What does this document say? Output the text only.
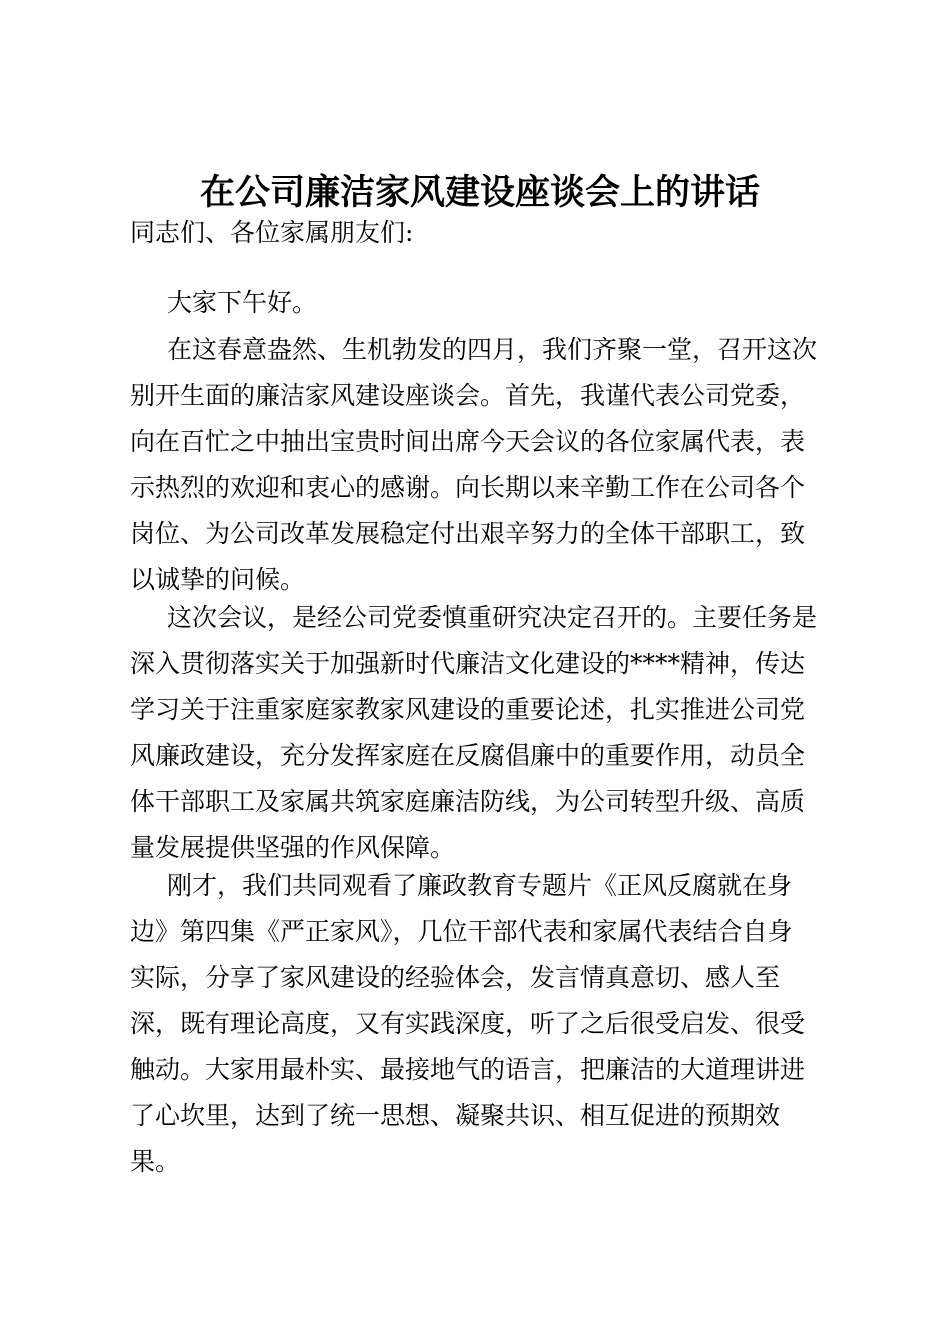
在公司廉洁家风建设座谈会上的讲话

同志们、各位家属朋友们:

大家下午好。

在这春意盎然、生机勃发的四月，我们齐聚一堂，召开这次
别开生面的廉洁家风建设座谈会。首先，我谨代表公司党委，
向在百忙之中抽出宝贵时间出席今天会议的各位家属代表，表
示热烈的欢迎和衷心的感谢。向长期以来辛勤工作在公司各个
岗位、为公司改革发展稳定付出艰辛努力的全体干部职工，致
以诚挚的问候。

这次会议，是经公司党委慎重研究决定召开的。主要任务是
深入贯彻落实关于加强新时代廉洁文化建设的****精神，传达
学习关于注重家庭家教家风建设的重要论述，扎实推进公司党
风廉政建设，充分发挥家庭在反腐倡廉中的重要作用，动员全
体干部职工及家属共筑家庭廉洁防线，为公司转型升级、高质
量发展提供坚强的作风保障。

刚才，我们共同观看了廉政教育专题片《正风反腐就在身
边》第四集《严正家风》，几位干部代表和家属代表结合自身
实际，分享了家风建设的经验体会，发言情真意切、感人至
深，既有理论高度，又有实践深度，听了之后很受启发、很受
触动。大家用最朴实、最接地气的语言，把廉洁的大道理讲进
了心坎里，达到了统一思想、凝聚共识、相互促进的预期效
果。
